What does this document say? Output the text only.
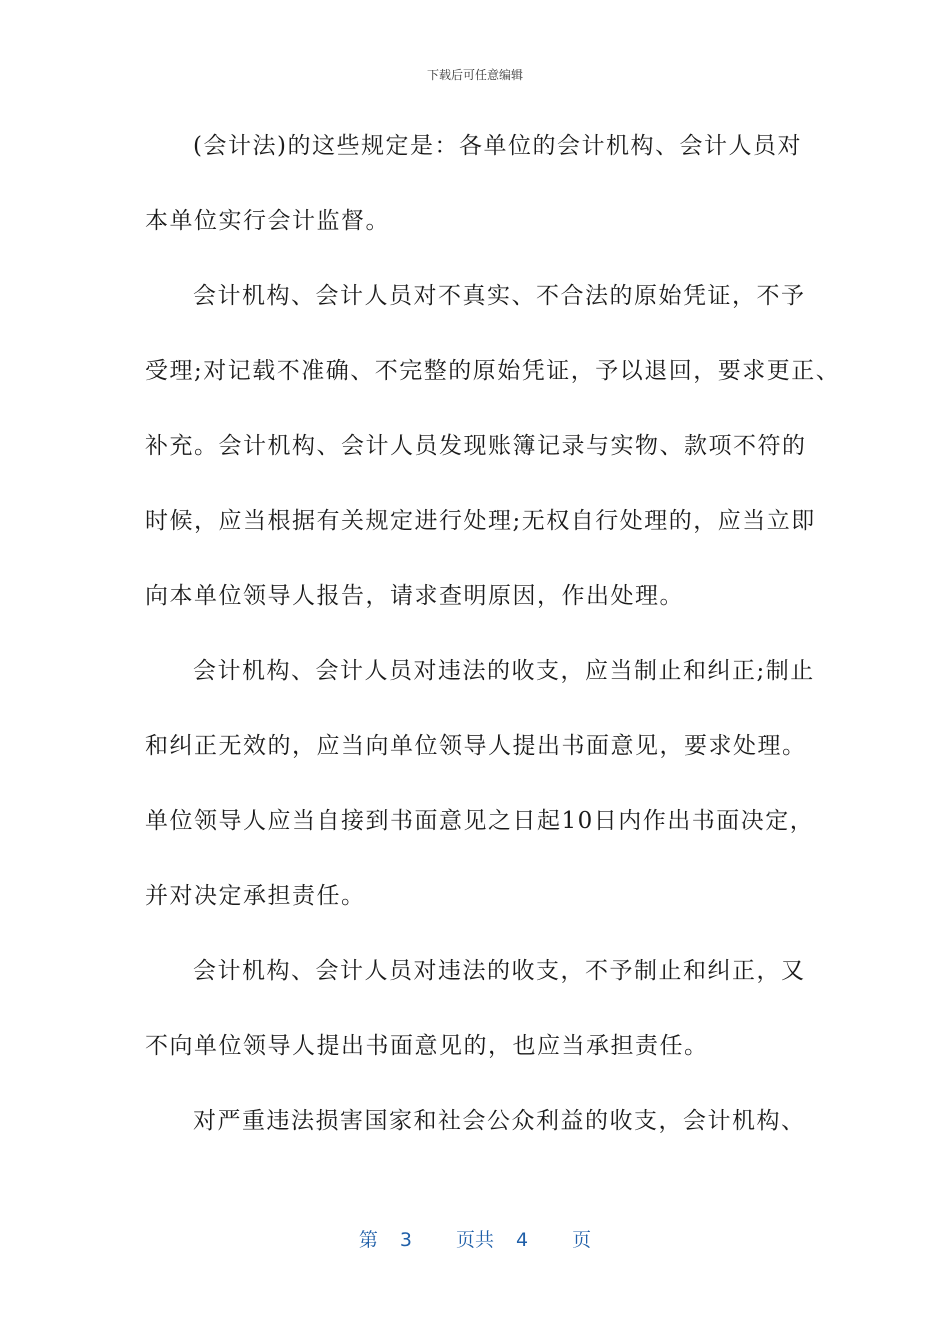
下载后可任意编辑
(会计法)的这些规定是：各单位的会计机构、会计人员对
本单位实行会计监督。
会计机构、会计人员对不真实、不合法的原始凭证，不予
受理;对记载不准确、不完整的原始凭证，予以退回，要求更正、
补充。会计机构、会计人员发现账簿记录与实物、款项不符的
时候，应当根据有关规定进行处理;无权自行处理的，应当立即
向本单位领导人报告，请求查明原因，作出处理。
会计机构、会计人员对违法的收支，应当制止和纠正;制止
和纠正无效的，应当向单位领导人提出书面意见，要求处理。
单位领导人应当自接到书面意见之日起10日内作出书面决定，
并对决定承担责任。
会计机构、会计人员对违法的收支，不予制止和纠正，又
不向单位领导人提出书面意见的，也应当承担责任。
对严重违法损害国家和社会公众利益的收支，会计机构、
第 3 页共 4 页
